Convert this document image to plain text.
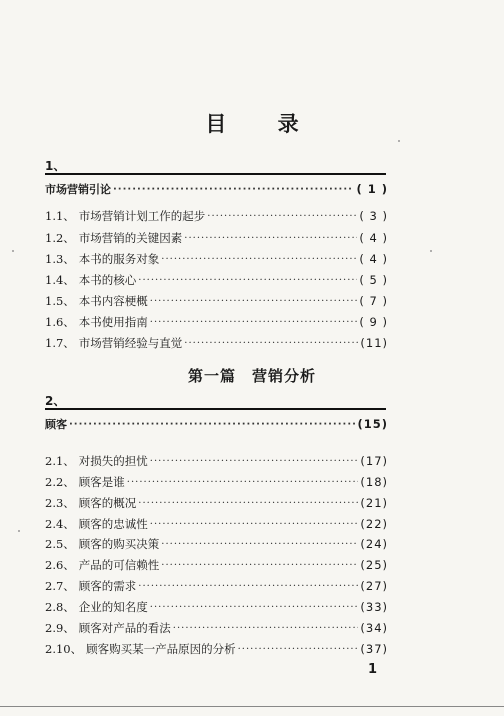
目 录
1、
市场营销引论 ·····	( 1 )
1.1、 市场营销计划工作的起步 ·····	( 3 )
1.2、 市场营销的关键因素 ·····	( 4 )
1.3、 本书的服务对象 ·····	( 4 )
1.4、 本书的核心 ·····	( 5 )
1.5、 本书内容梗概 ·····	( 7 )
1.6、 本书使用指南 ·····	( 9 )
1.7、 市场营销经验与直觉 ·····	(11)
第一篇　营销分析
2、
顾客 ·····	(15)
2.1、 对损失的担忧 ·····	(17)
2.2、 顾客是谁 ·····	(18)
2.3、 顾客的概况 ·····	(21)
2.4、 顾客的忠诚性 ·····	(22)
2.5、 顾客的购买决策 ·····	(24)
2.6、 产品的可信赖性 ·····	(25)
2.7、 顾客的需求 ·····	(27)
2.8、 企业的知名度 ·····	(33)
2.9、 顾客对产品的看法 ·····	(34)
2.10、 顾客购买某一产品原因的分析 ·····	(37)
1
